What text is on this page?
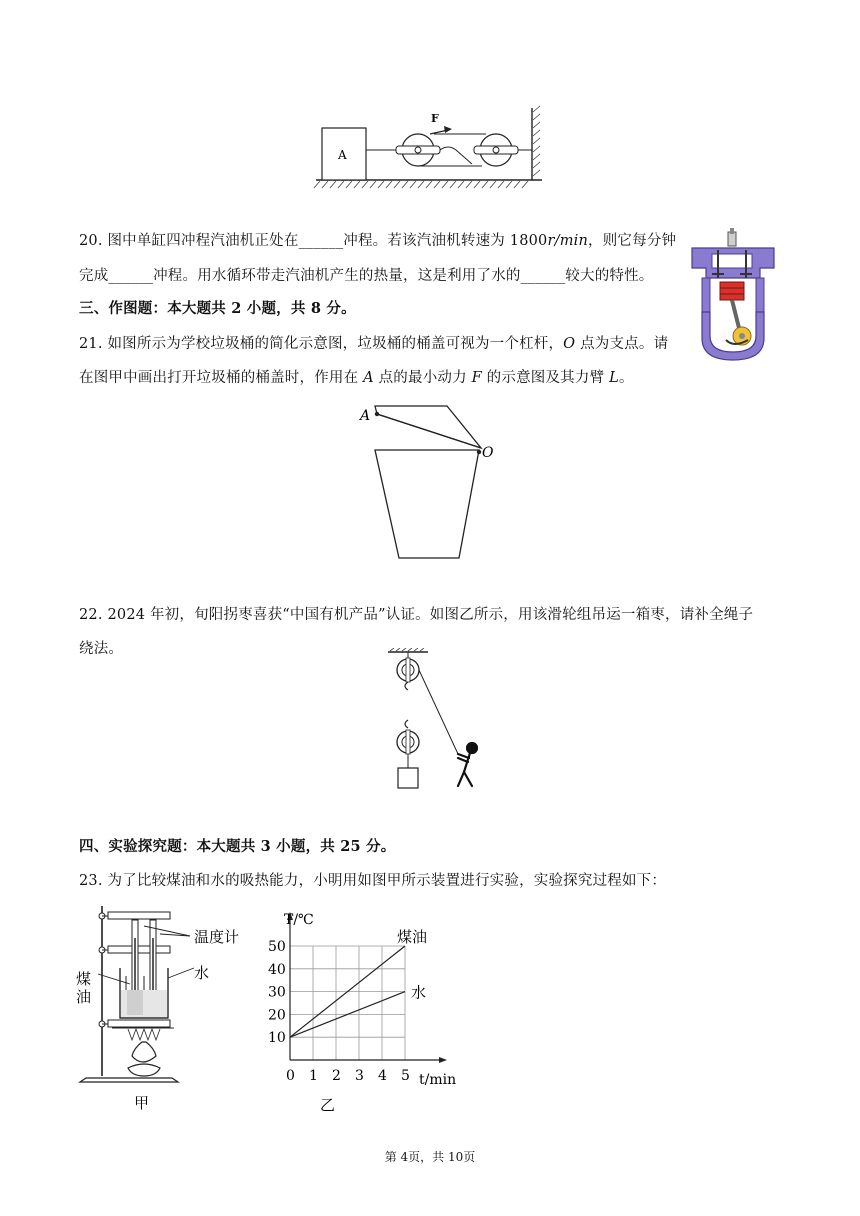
A
F
20. 图中单缸四冲程汽油机正处在______冲程。若该汽油机转速为 1800r/min，则它每分钟
完成______冲程。用水循环带走汽油机产生的热量，这是利用了水的______较大的特性。
三、作图题：本大题共 2 小题，共 8 分。
21. 如图所示为学校垃圾桶的简化示意图，垃圾桶的桶盖可视为一个杠杆，O 点为支点。请
在图甲中画出打开垃圾桶的桶盖时，作用在 A 点的最小动力 F 的示意图及其力臂 L。
A
O
22. 2024 年初，旬阳拐枣喜获“中国有机产品”认证。如图乙所示，用该滑轮组吊运一箱枣，请补全绳子
绕法。
四、实验探究题：本大题共 3 小题，共 25 分。
23. 为了比较煤油和水的吸热能力，小明用如图甲所示装置进行实验，实验探究过程如下：
温度计
煤
油
水
甲
0 1 2 3 4 5
10
20
30
40
50
煤油
水
T/℃
t/min
乙
第 4页，共 10页
